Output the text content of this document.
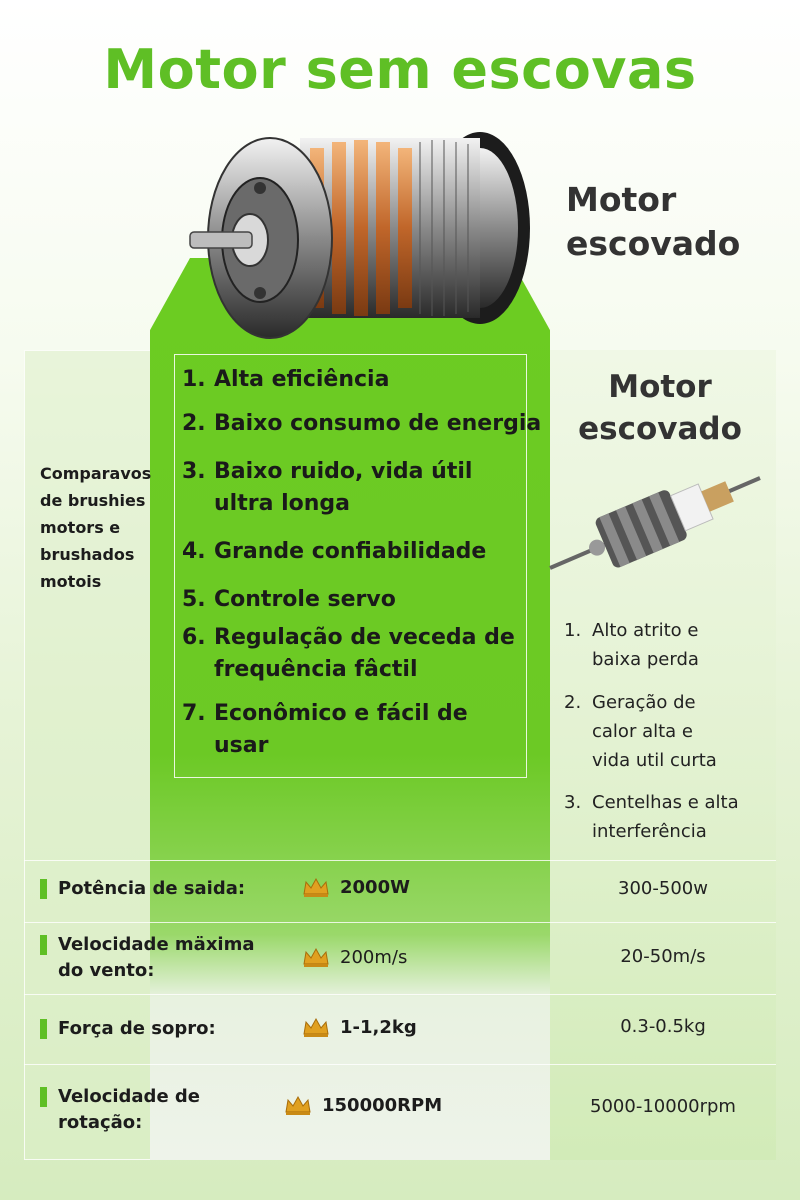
Motor sem escovas
Motor
escovado
1. Alta eficiência
2. Baixo consumo de energia
3. Baixo ruido, vida útil
ultra longa
4. Grande confiabilidade
5. Controle servo
6. Regulação de veceda de
frequência fâctil
7. Econômico e fácil de
usar
Comparavos
de brushies
motors e
brushados
motois
Motor
escovado
1. Alto atrito e
baixa perda
2. Geração de
calor alta e
vida util curta
3. Centelhas e alta
interferência
Potência de saida:	2000W	300-500w
Velocidade mäxima
do vento:
200m/s	20-50m/s
Força de sopro:	1-1,2kg	0.3-0.5kg
Velocidade de
rotação:
150000RPM	5000-10000rpm
